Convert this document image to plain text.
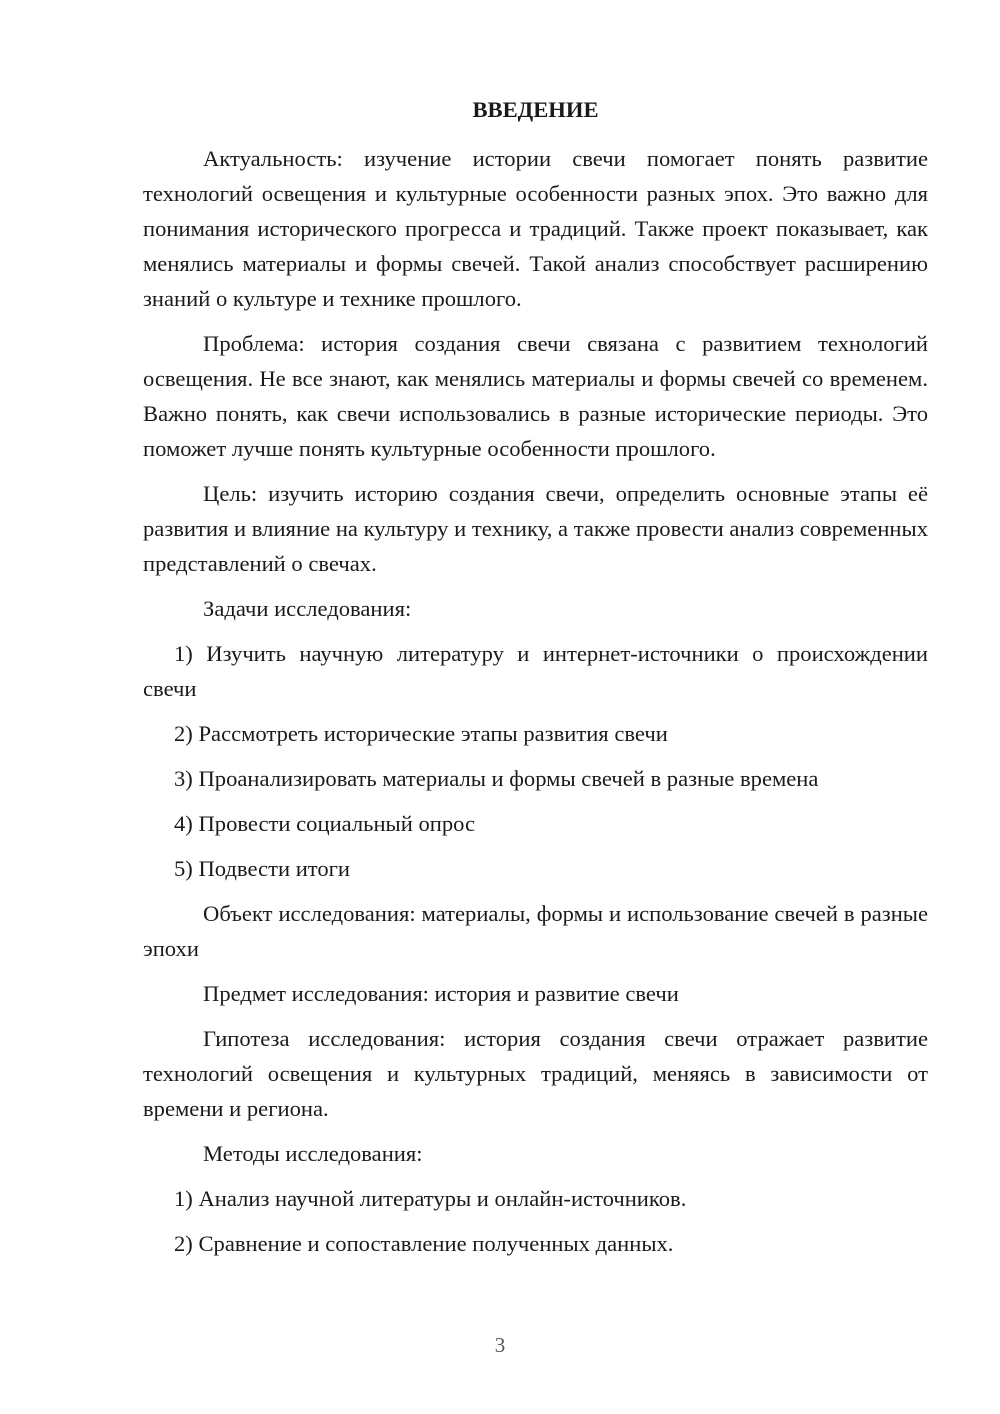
ВВЕДЕНИЕ

Актуальность: изучение истории свечи помогает понять развитие технологий освещения и культурные особенности разных эпох. Это важно для понимания исторического прогресса и традиций. Также проект показывает, как менялись материалы и формы свечей. Такой анализ способствует расширению знаний о культуре и технике прошлого.

Проблема: история создания свечи связана с развитием технологий освещения. Не все знают, как менялись материалы и формы свечей со временем. Важно понять, как свечи использовались в разные исторические периоды. Это поможет лучше понять культурные особенности прошлого.

Цель: изучить историю создания свечи, определить основные этапы её развития и влияние на культуру и технику, а также провести анализ современных представлений о свечах.

Задачи исследования:

1) Изучить научную литературу и интернет-источники о происхождении свечи

2) Рассмотреть исторические этапы развития свечи

3) Проанализировать материалы и формы свечей в разные времена

4) Провести социальный опрос

5) Подвести итоги

Объект исследования: материалы, формы и использование свечей в разные эпохи

Предмет исследования: история и развитие свечи

Гипотеза исследования: история создания свечи отражает развитие технологий освещения и культурных традиций, меняясь в зависимости от времени и региона.

Методы исследования:

1) Анализ научной литературы и онлайн-источников.

2) Сравнение и сопоставление полученных данных.

3
